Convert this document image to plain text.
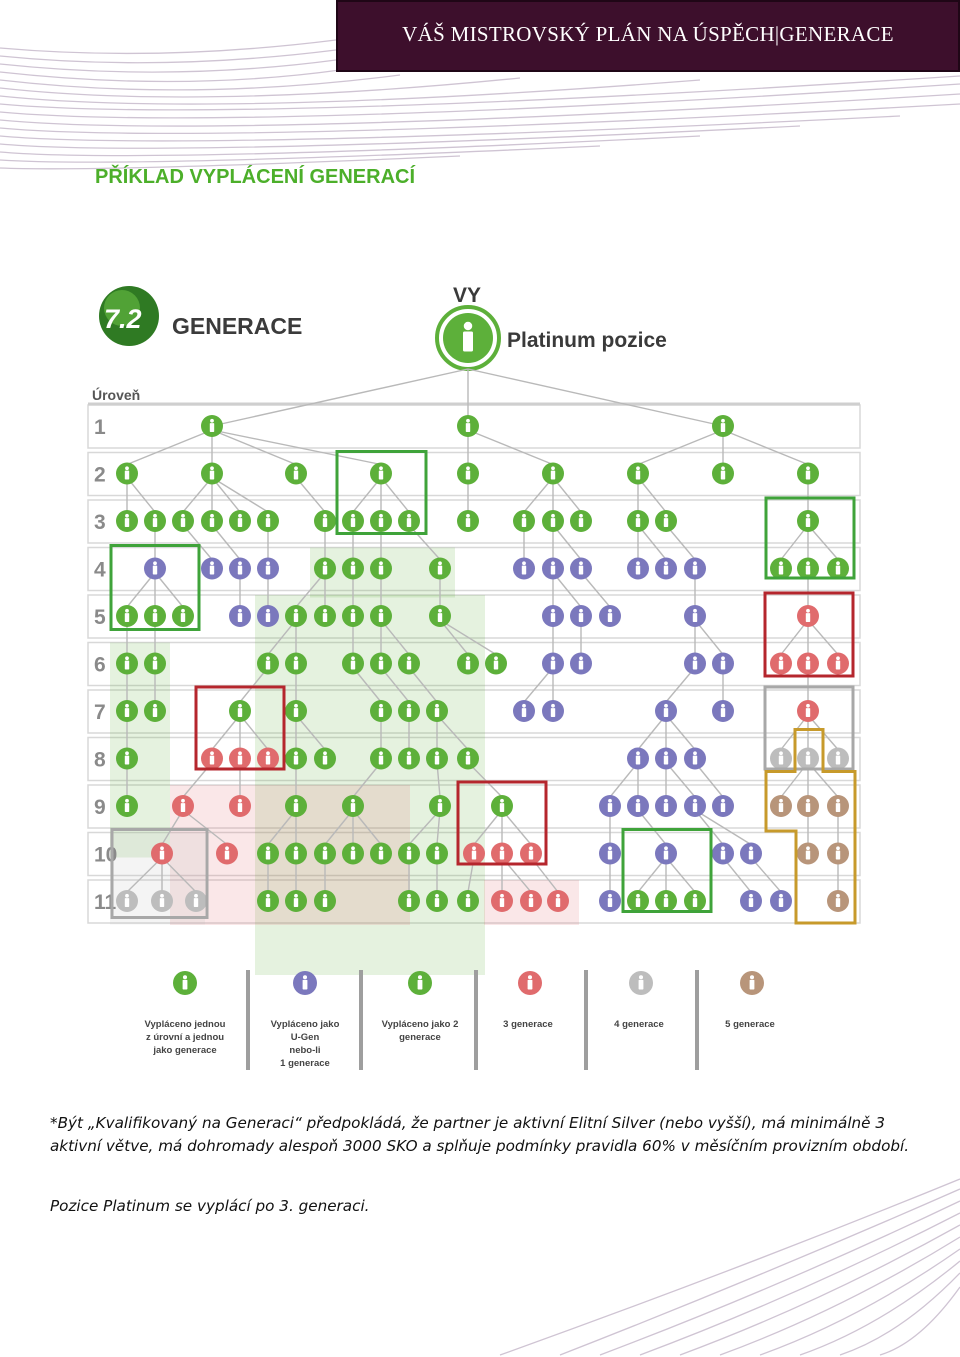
VÁŠ MISTROVSKÝ PLÁN NA ÚSPĚCH|GENERACE
PŘÍKLAD VYPLÁCENÍ GENERACÍ
Úroveň
1
2
3
4
5
6
7
8
9
10
11
VY
Platinum pozice
7.2 GENERACE
Vypláceno jednou
z úrovní a jednou
jako generace
Vypláceno jako
U-Gen
nebo-li
1 generace
Vypláceno jako 2
generace
3 generace	4 generace	5 generace
*Být „Kvalifikovaný na Generaci“ předpokládá, že partner je aktivní Elitní Silver (nebo vyšší), má minimálně 3 aktivní větve, má dohromady alespoň 3000 SKO a splňuje podmínky pravidla 60% v měsíčním provizním období.
Pozice Platinum se vyplácí po 3. generaci.
